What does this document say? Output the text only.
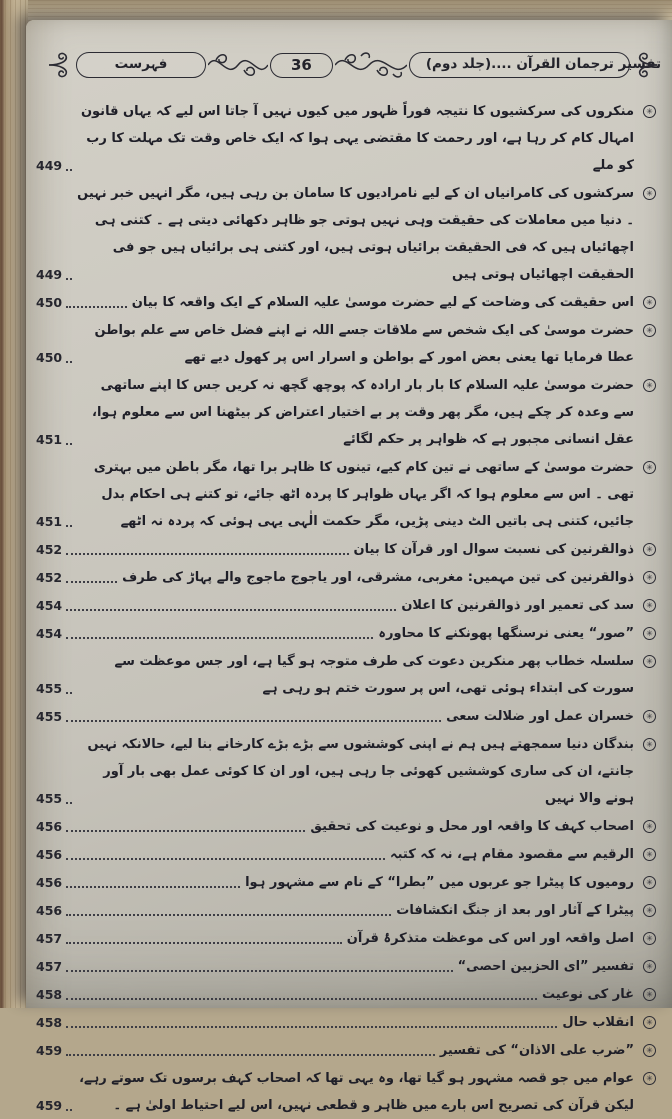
تفسیر ترجمان القرآن ....(جلد دوم)
36
فہرست
✳
منکروں کی سرکشیوں کا نتیجہ فوراً ظہور میں کیوں نہیں آ جاتا اس لیے کہ یہاں قانون امہال کام کر رہا ہے، اور رحمت کا مقتضی یہی ہوا کہ ایک خاص وقت تک مہلت کا رب کو ملے
449
✳
سرکشوں کی کامرانیاں ان کے لیے نامرادیوں کا سامان بن رہی ہیں، مگر انہیں خبر نہیں ۔ دنیا میں معاملات کی حقیقت وہی نہیں ہوتی جو ظاہر دکھائی دیتی ہے ۔ کتنی ہی اچھائیاں ہیں کہ فی الحقیقت برائیاں ہوتی ہیں، اور کتنی ہی برائیاں ہیں جو فی الحقیقت اچھائیاں ہوتی ہیں
449
✳
اس حقیقت کی وضاحت کے لیے حضرت موسیٰ علیہ السلام کے ایک واقعہ کا بیان
450
✳
حضرت موسیٰ کی ایک شخص سے ملاقات جسے اللہ نے اپنے فضل خاص سے علم بواطن عطا فرمایا تھا یعنی بعض امور کے بواطن و اسرار اس پر کھول دیے تھے
450
✳
حضرت موسیٰ علیہ السلام کا بار بار ارادہ کہ پوچھ گچھ نہ کریں جس کا اپنے ساتھی سے وعدہ کر چکے ہیں، مگر پھر وقت پر بے اختیار اعتراض کر بیٹھنا اس سے معلوم ہوا، عقل انسانی مجبور ہے کہ ظواہر پر حکم لگائے
451
✳
حضرت موسیٰ کے ساتھی نے تین کام کیے، تینوں کا ظاہر برا تھا، مگر باطن میں بہتری تھی ۔ اس سے معلوم ہوا کہ اگر یہاں ظواہر کا پردہ اٹھ جائے، تو کتنے ہی احکام بدل جائیں، کتنی ہی باتیں الٹ دینی پڑیں، مگر حکمت الٰہی یہی ہوئی کہ پردہ نہ اٹھے
451
✳
ذوالقرنین کی نسبت سوال اور قرآن کا بیان
452
✳
ذوالقرنین کی تین مہمیں: مغربی، مشرقی، اور یاجوج ماجوج والے پہاڑ کی طرف
452
✳
سد کی تعمیر اور ذوالقرنین کا اعلان
454
✳
”صور“ یعنی نرسنگھا پھونکنے کا محاورہ
454
✳
سلسلہ خطاب پھر منکرین دعوت کی طرف متوجہ ہو گیا ہے، اور جس موعظت سے سورت کی ابتداء ہوئی تھی، اس پر سورت ختم ہو رہی ہے
455
✳
خسران عمل اور ضلالت سعی
455
✳
بندگان دنیا سمجھتے ہیں ہم نے اپنی کوششوں سے بڑے بڑے کارخانے بنا لیے، حالانکہ نہیں جانتے، ان کی ساری کوششیں کھوئی جا رہی ہیں، اور ان کا کوئی عمل بھی بار آور ہونے والا نہیں
455
✳
اصحاب کہف کا واقعہ اور محل و نوعیت کی تحقیق
456
✳
الرقیم سے مقصود مقام ہے، نہ کہ کتبہ
456
✳
رومیوں کا پیٹرا جو عربوں میں ”بطرا“ کے نام سے مشہور ہوا
456
✳
پیٹرا کے آثار اور بعد از جنگ انکشافات
456
✳
اصل واقعہ اور اس کی موعظت متذکرۂ قرآن
457
✳
تفسیر ”ای الحزبین احصی“
457
✳
غار کی نوعیت
458
✳
انقلاب حال
458
✳
”ضرب علی الاذان“ کی تفسیر
459
✳
عوام میں جو قصہ مشہور ہو گیا تھا، وہ یہی تھا کہ اصحاب کہف برسوں تک سوتے رہے، لیکن قرآن کی تصریح اس بارے میں ظاہر و قطعی نہیں، اس لیے احتیاط اولیٰ ہے ۔
459
